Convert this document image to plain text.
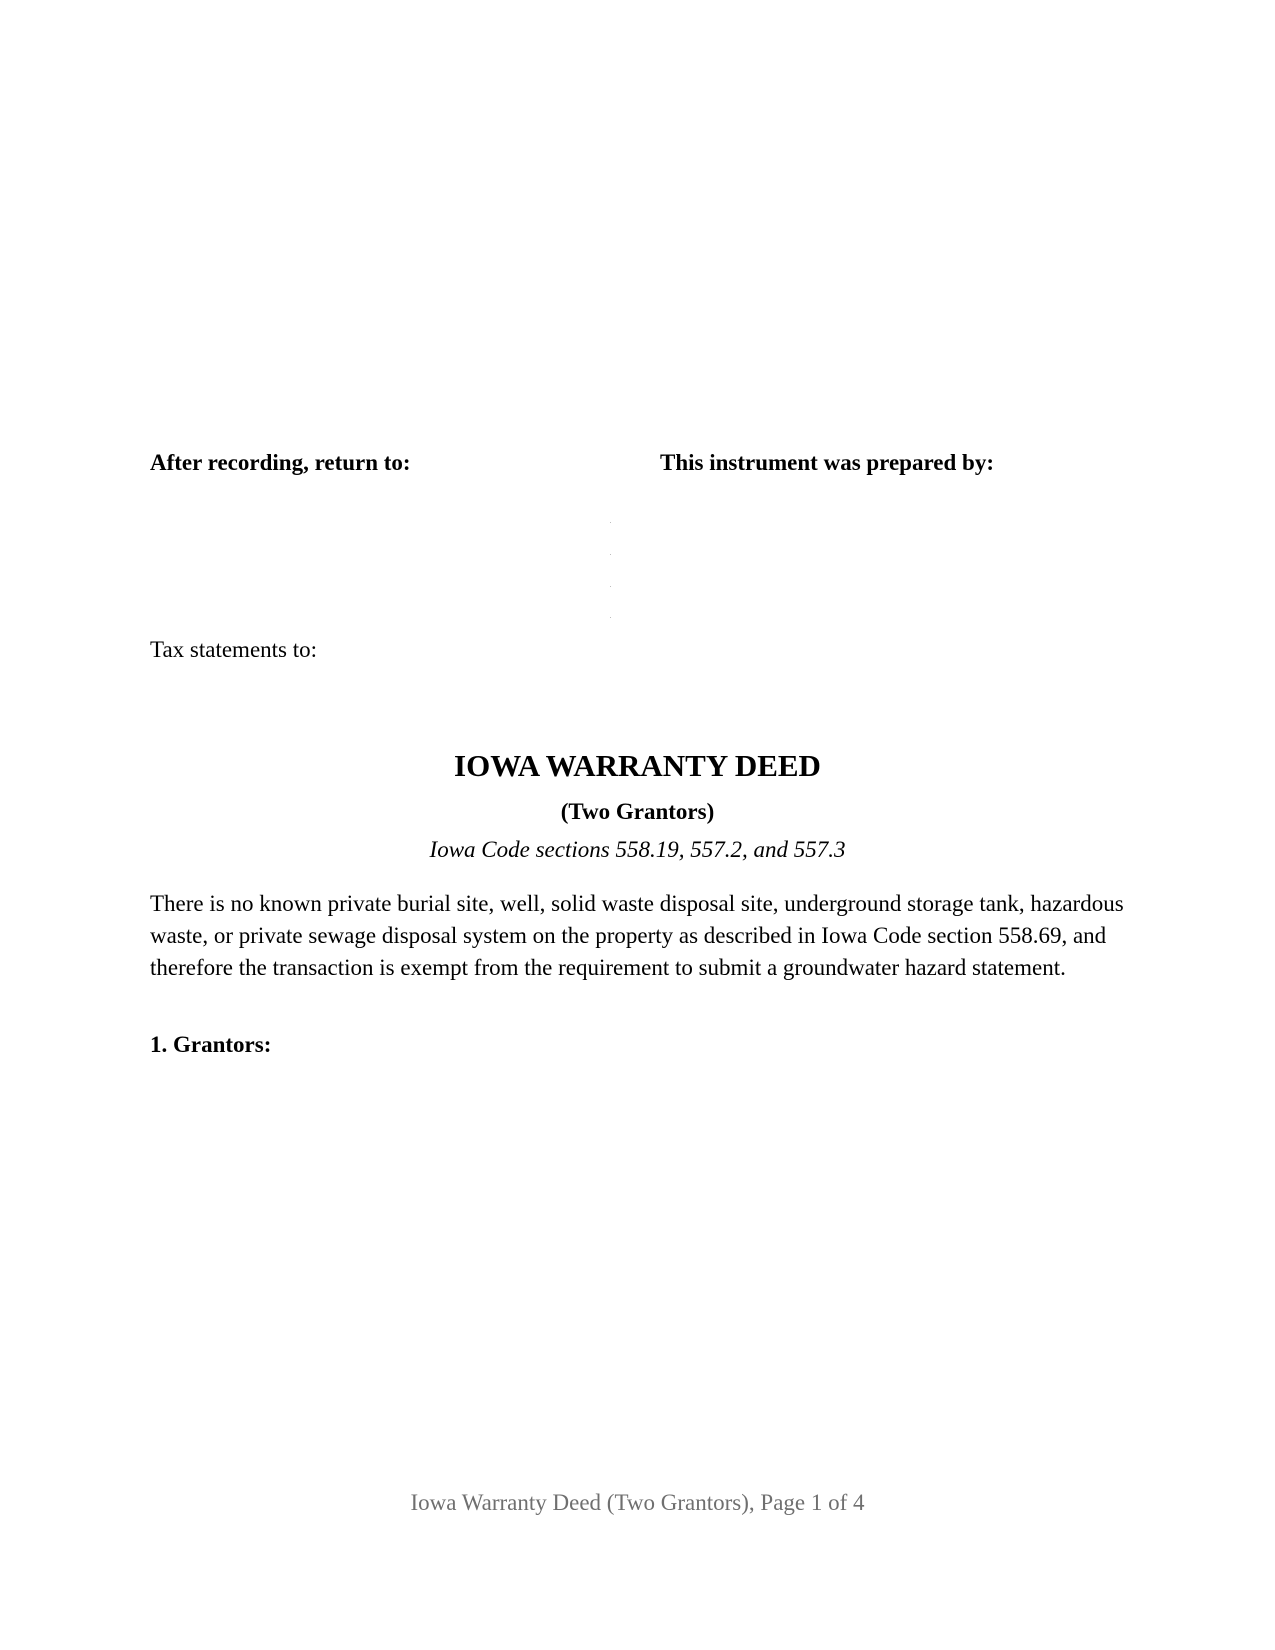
After recording, return to:	This instrument was prepared by:
Tax statements to:
IOWA WARRANTY DEED
(Two Grantors)
Iowa Code sections 558.19, 557.2, and 557.3
There is no known private burial site, well, solid waste disposal site, underground storage tank, hazardous waste, or private sewage disposal system on the property as described in Iowa Code section 558.69, and therefore the transaction is exempt from the requirement to submit a groundwater hazard statement.
1. Grantors:
Iowa Warranty Deed (Two Grantors), Page 1 of 4
